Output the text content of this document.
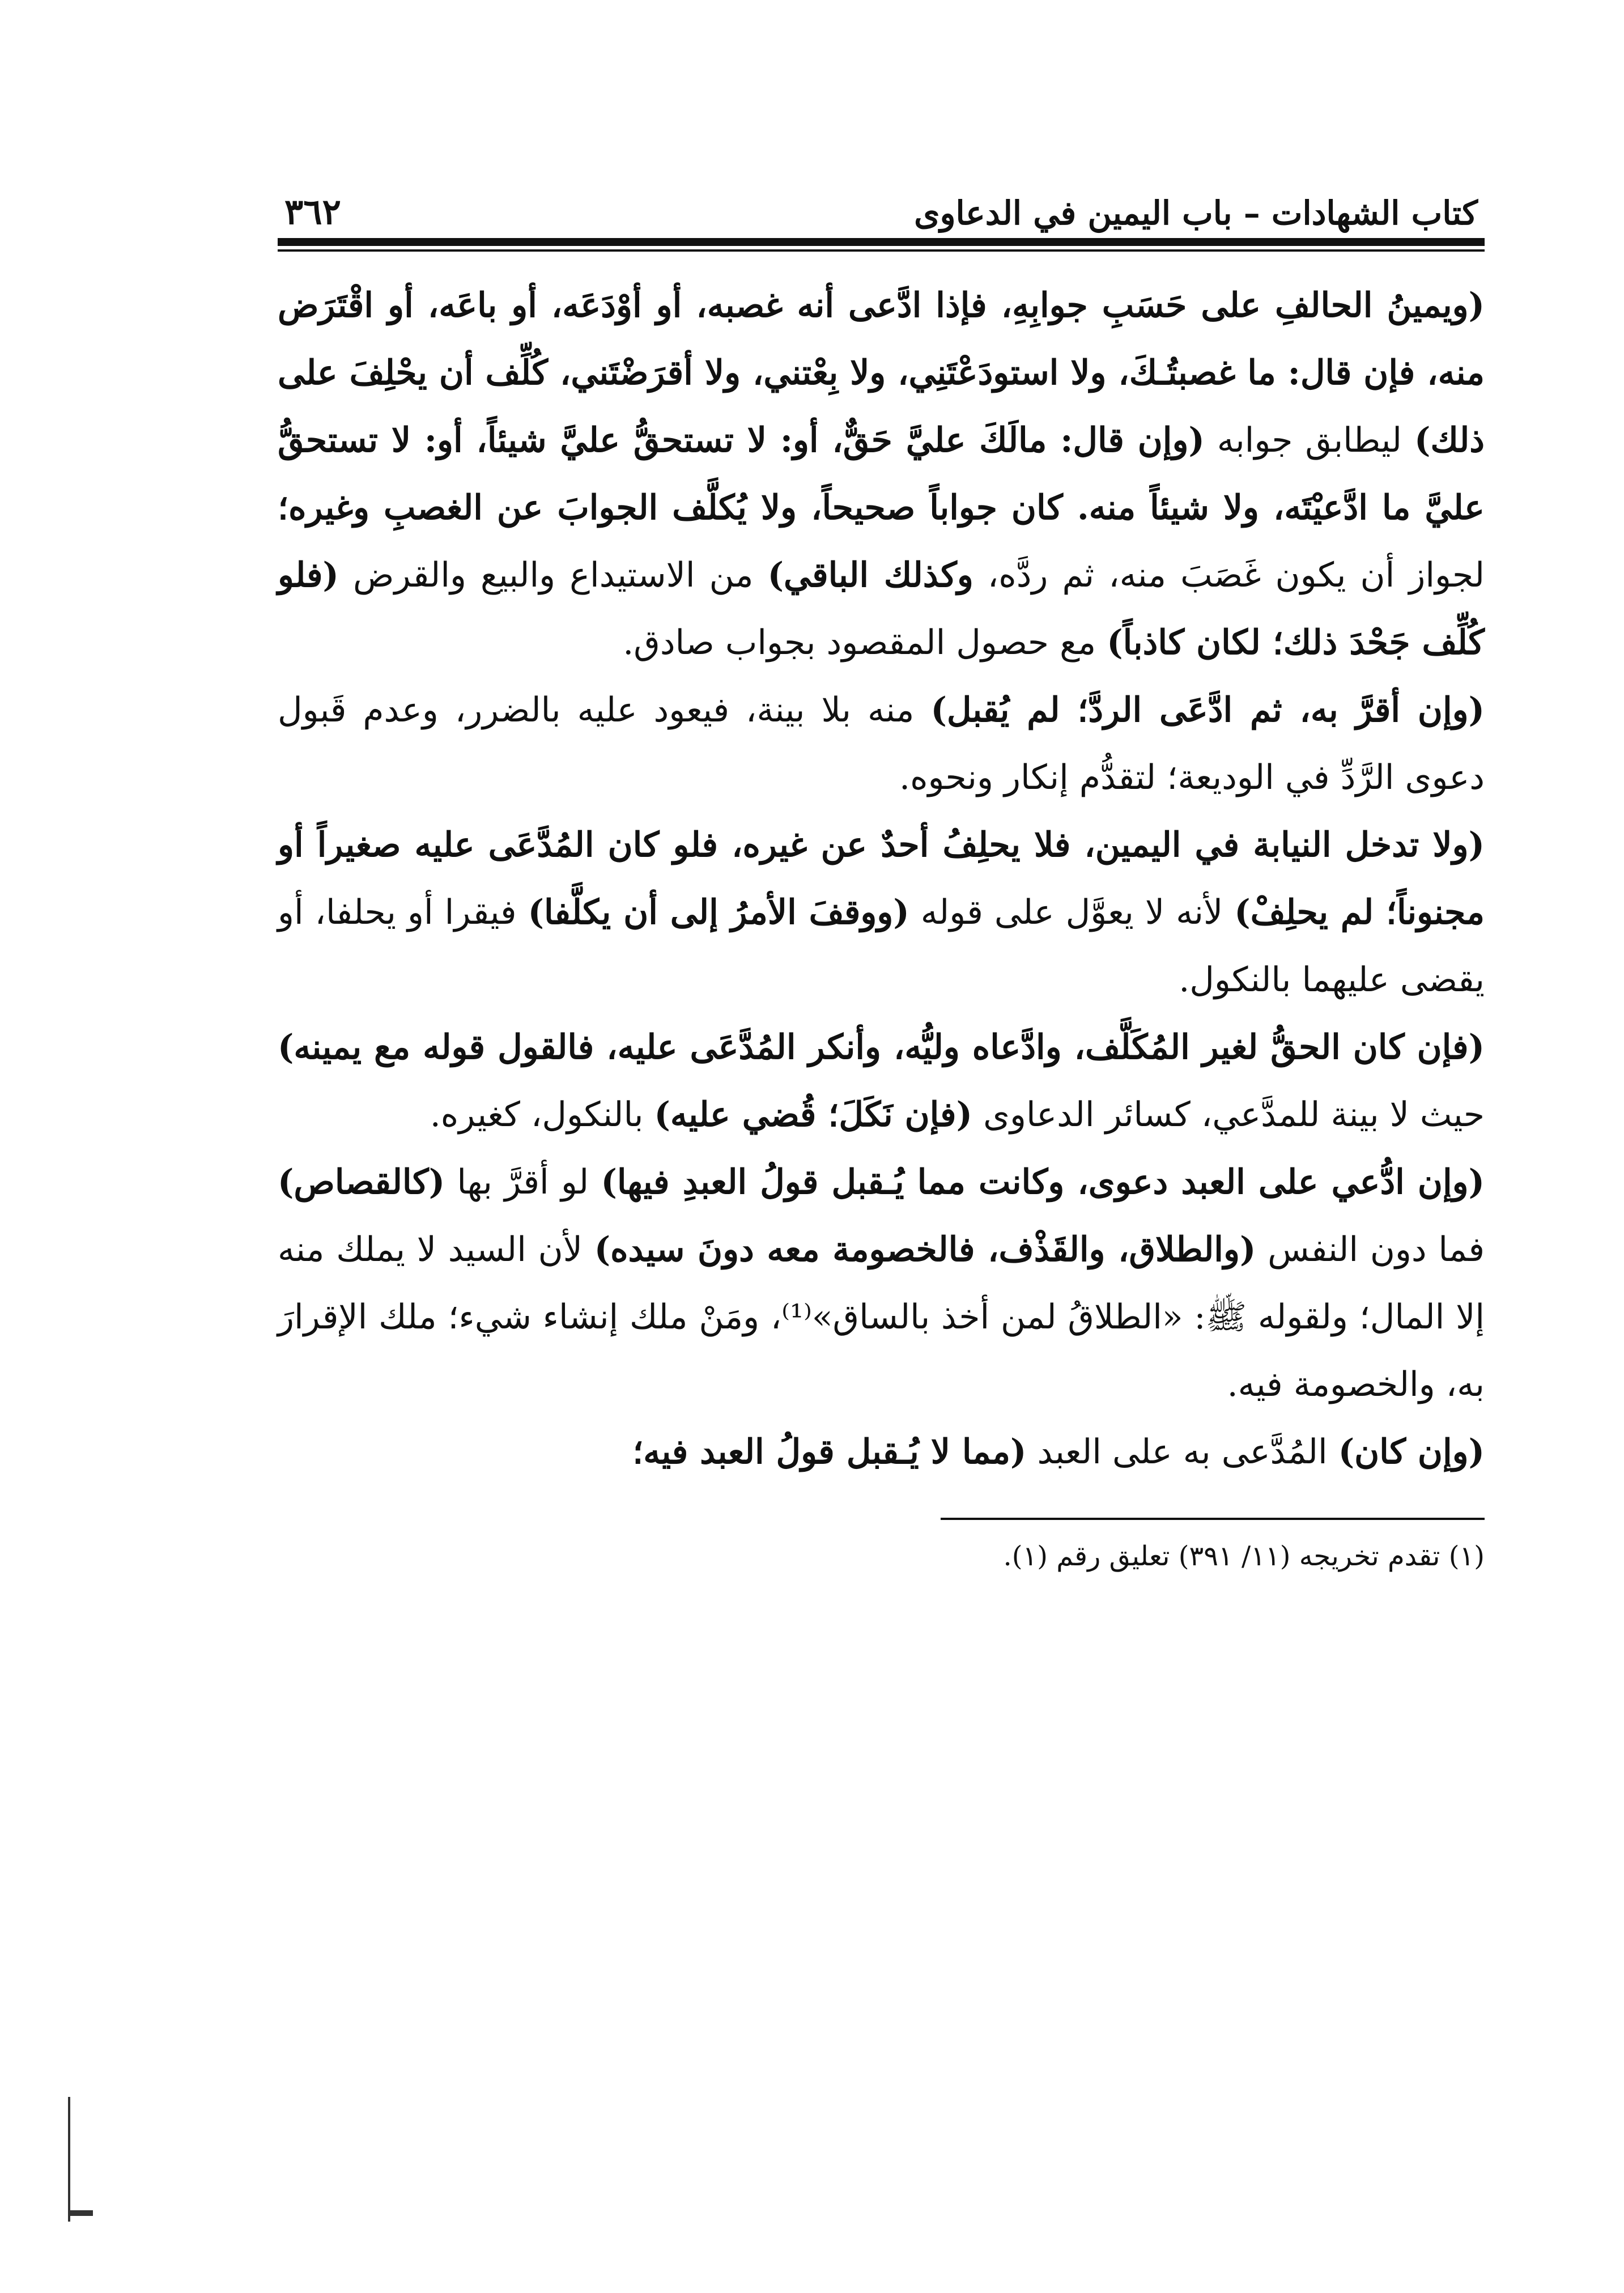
كتاب الشهادات – باب اليمين في الدعاوى
٣٦٢

(ويمينُ الحالفِ على حَسَبِ جوابِهِ، فإذا ادَّعى أنه غصبه، أو أوْدَعَه، أو باعَه، أو اقْتَرَض منه، فإن قال: ما غصبتُـكَ، ولا استودَعْتَنِي، ولا بِعْتني، ولا أقرَضْتَني، كُلِّف أن يحْلِفَ على ذلك) ليطابق جوابه (وإن قال: مالَكَ عليَّ حَقٌّ، أو: لا تستحقُّ عليَّ شيئاً، أو: لا تستحقُّ عليَّ ما ادَّعيْتَه، ولا شيئاً منه. كان جواباً صحيحاً، ولا يُكلَّف الجوابَ عن الغصبِ وغيره؛ لجواز أن يكون غَصَبَ منه، ثم ردَّه، وكذلك الباقي) من الاستيداع والبيع والقرض (فلو كُلِّف جَحْدَ ذلك؛ لكان كاذباً) مع حصول المقصود بجواب صادق.

(وإن أقرَّ به، ثم ادَّعَى الردَّ؛ لم يُقبل) منه بلا بينة، فيعود عليه بالضرر، وعدم قَبول دعوى الرَّدِّ في الوديعة؛ لتقدُّم إنكار ونحوه.

(ولا تدخل النيابة في اليمين، فلا يحلِفُ أحدٌ عن غيره، فلو كان المُدَّعَى عليه صغيراً أو مجنوناً؛ لم يحلِفْ) لأنه لا يعوَّل على قوله (ووقفَ الأمرُ إلى أن يكلَّفا) فيقرا أو يحلفا، أو يقضى عليهما بالنكول.

(فإن كان الحقُّ لغير المُكَلَّف، وادَّعاه وليُّه، وأنكر المُدَّعَى عليه، فالقول قوله مع يمينه) حيث لا بينة للمدَّعي، كسائر الدعاوى (فإن نَكَلَ؛ قُضي عليه) بالنكول، كغيره.

(وإن ادُّعي على العبد دعوى، وكانت مما يُـقبل قولُ العبدِ فيها) لو أقرَّ بها (كالقصاص) فما دون النفس (والطلاق، والقَذْف، فالخصومة معه دونَ سيده) لأن السيد لا يملك منه إلا المال؛ ولقوله ﷺ: «الطلاقُ لمن أخذ بالساق»⁽¹⁾، ومَنْ ملك إنشاء شيء؛ ملك الإقرارَ به، والخصومة فيه.

(وإن كان) المُدَّعى به على العبد (مما لا يُـقبل قولُ العبد فيه؛

(١) تقدم تخريجه (١١/ ٣٩١) تعليق رقم (١).
